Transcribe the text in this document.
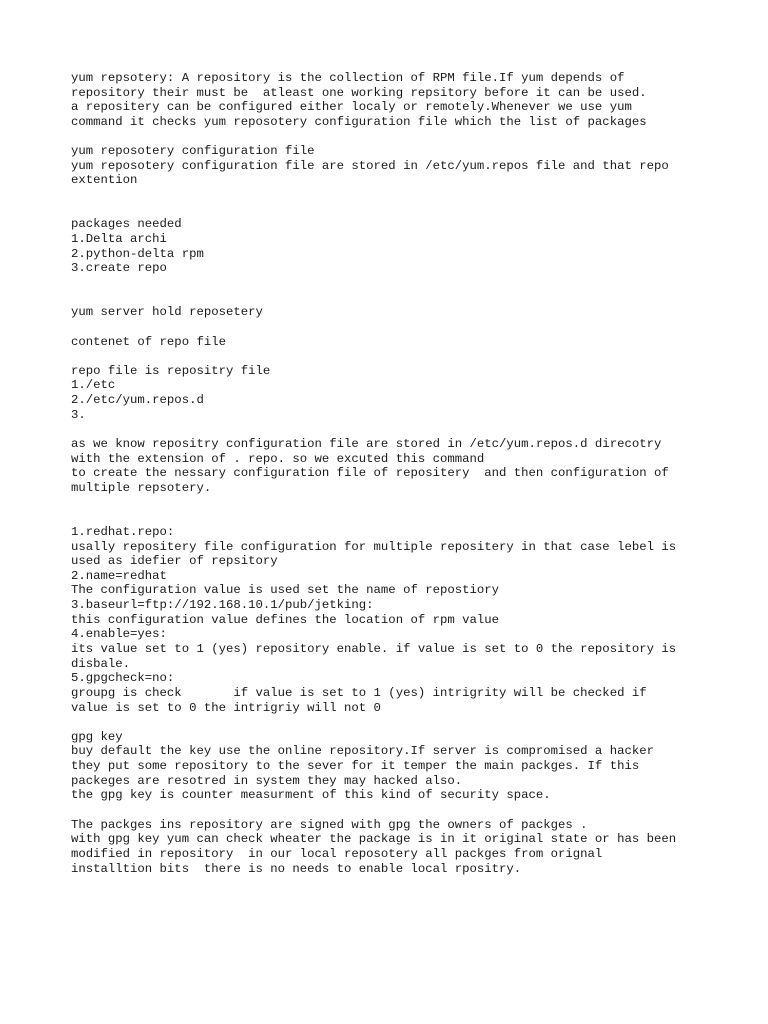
yum repsotery: A repository is the collection of RPM file.If yum depends of
repository their must be  atleast one working repsitory before it can be used.
a repositery can be configured either localy or remotely.Whenever we use yum
command it checks yum reposotery configuration file which the list of packages
yum reposotery configuration file
yum reposotery configuration file are stored in /etc/yum.repos file and that repo
extention
packages needed
1.Delta archi
2.python-delta rpm
3.create repo
yum server hold reposetery
contenet of repo file
repo file is repositry file
1./etc
2./etc/yum.repos.d
3.
as we know repositry configuration file are stored in /etc/yum.repos.d direcotry
with the extension of . repo. so we excuted this command
to create the nessary configuration file of repositery  and then configuration of
multiple repsotery.
1.redhat.repo:
usally repositery file configuration for multiple repositery in that case lebel is
used as idefier of repsitory
2.name=redhat
The configuration value is used set the name of repostiory
3.baseurl=ftp://192.168.10.1/pub/jetking:
this configuration value defines the location of rpm value
4.enable=yes:
its value set to 1 (yes) repository enable. if value is set to 0 the repository is
disbale.
5.gpgcheck=no:
groupg is check       if value is set to 1 (yes) intrigrity will be checked if
value is set to 0 the intrigriy will not 0
gpg key
buy default the key use the online repository.If server is compromised a hacker
they put some repository to the sever for it temper the main packges. If this
packeges are resotred in system they may hacked also.
the gpg key is counter measurment of this kind of security space.
The packges ins repository are signed with gpg the owners of packges .
with gpg key yum can check wheater the package is in it original state or has been
modified in repository  in our local reposotery all packges from orignal
installtion bits  there is no needs to enable local rpositry.
